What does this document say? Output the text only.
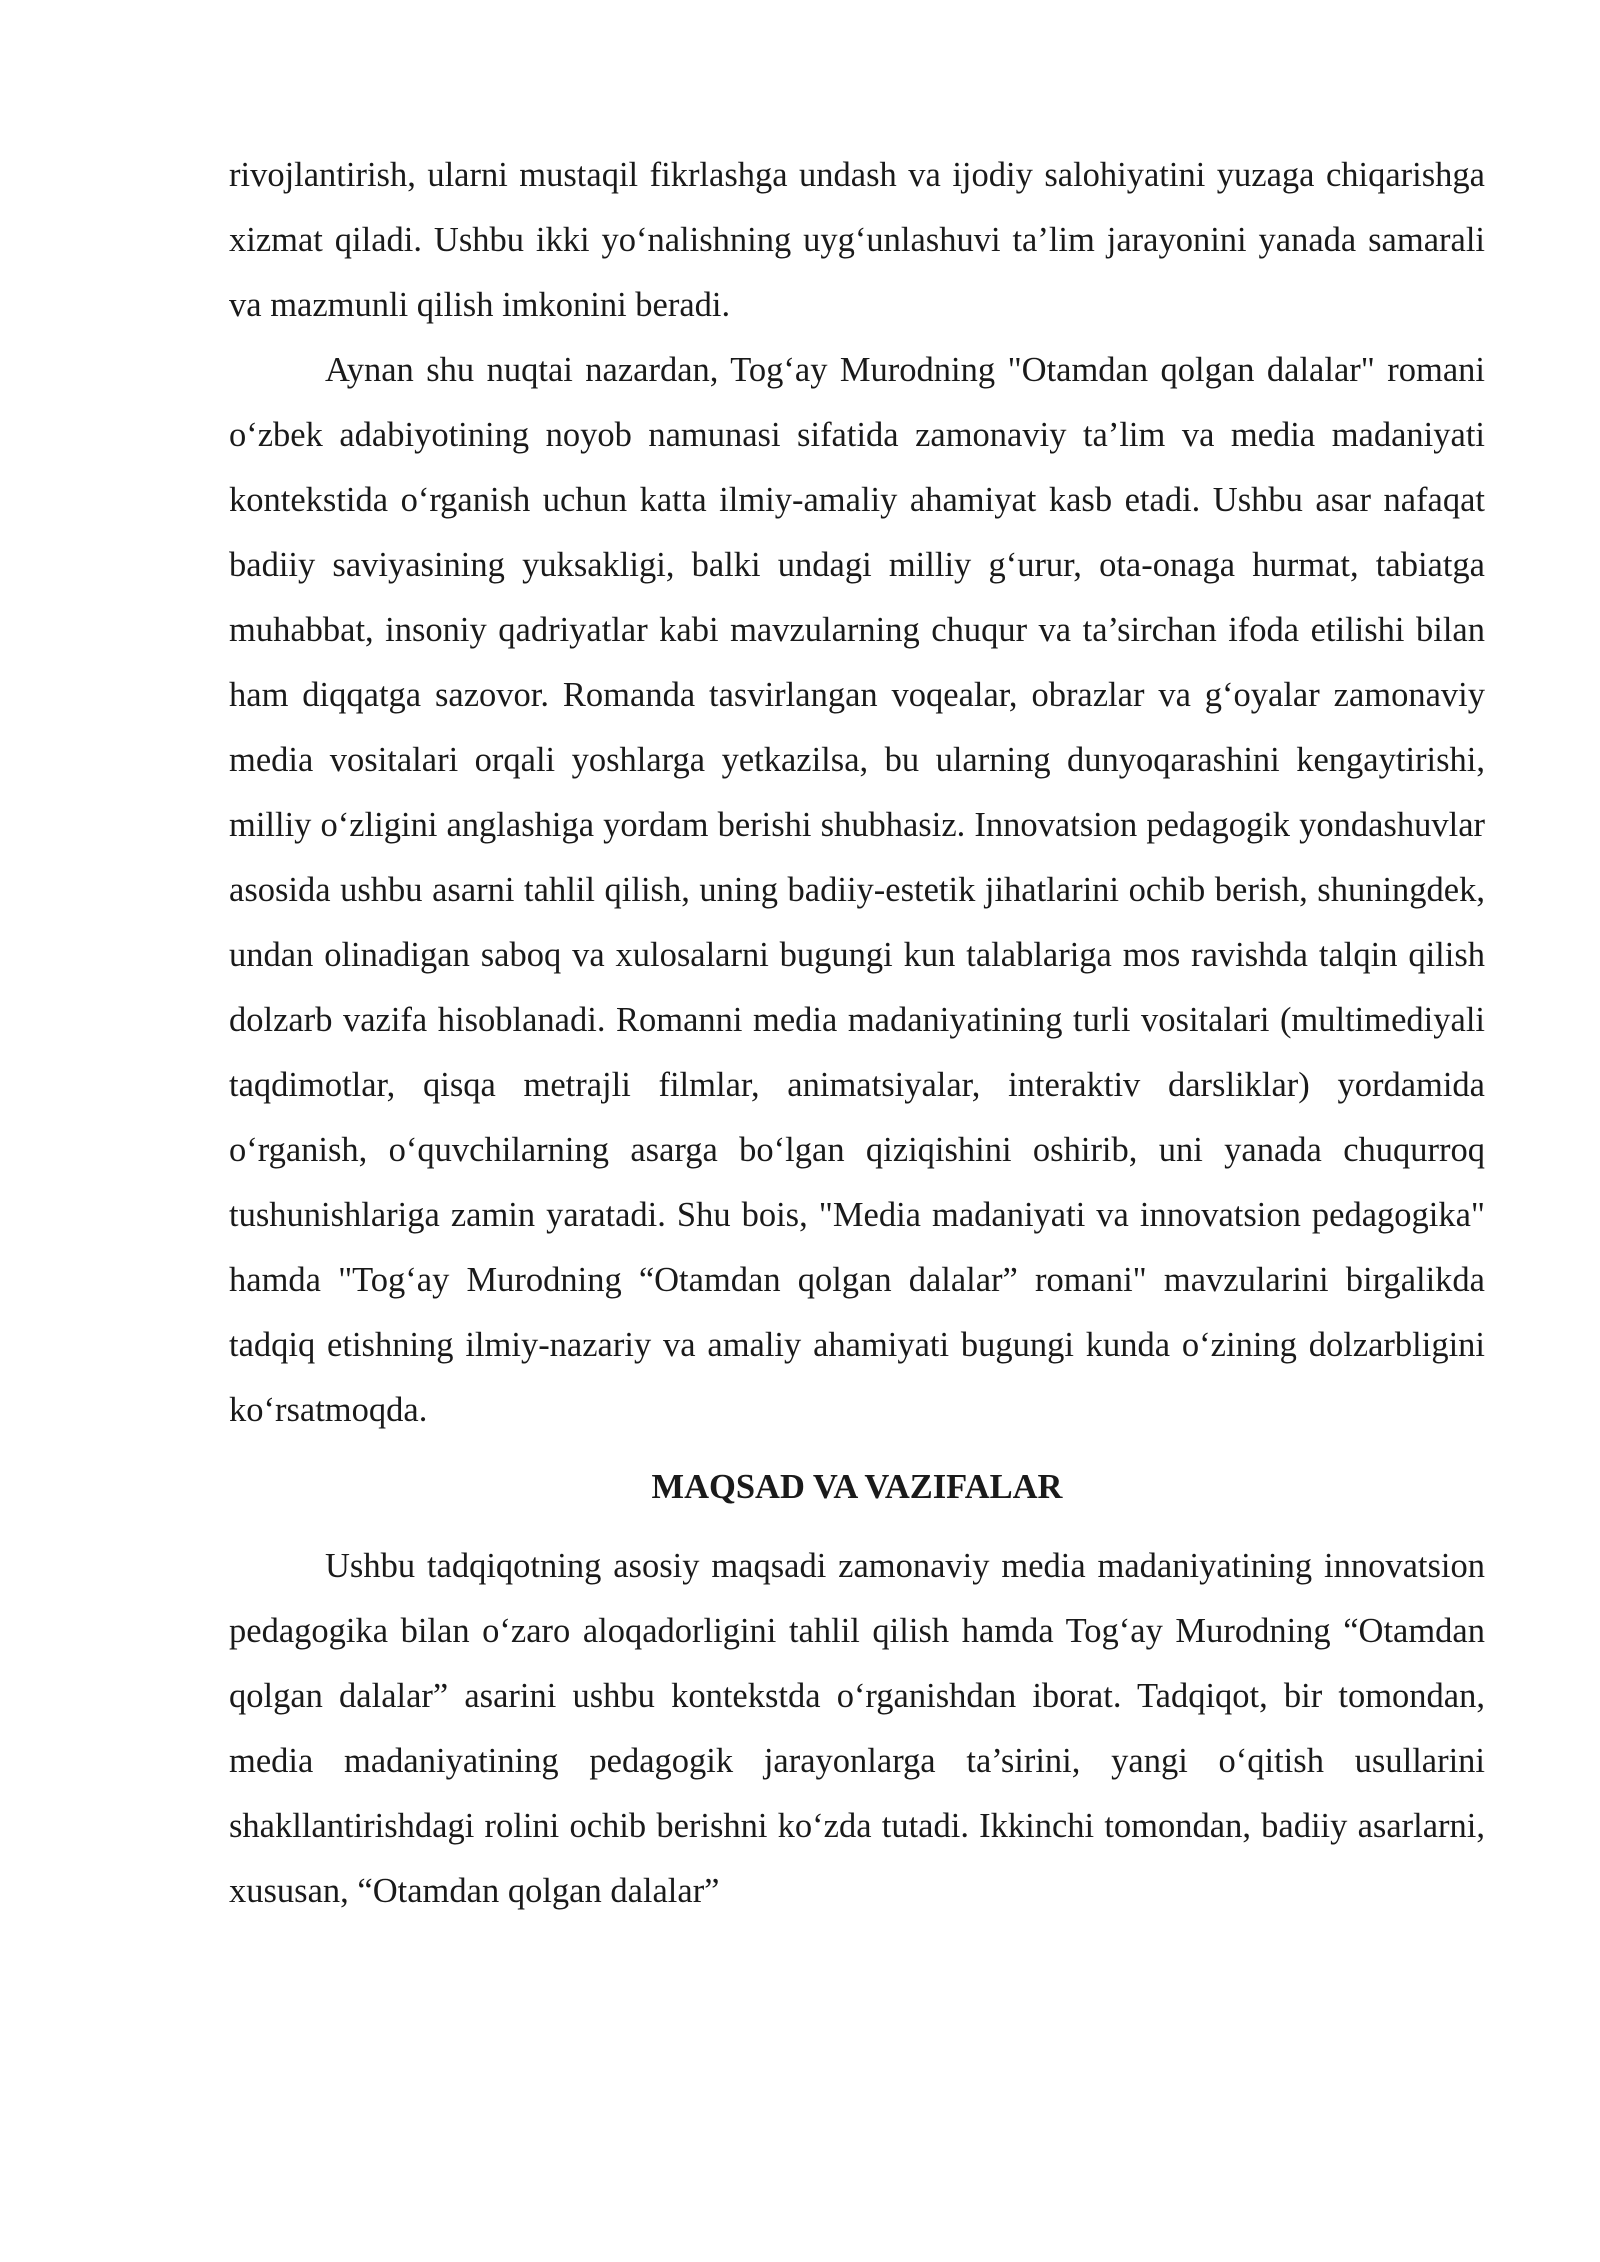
rivojlantirish, ularni mustaqil fikrlashga undash va ijodiy salohiyatini yuzaga chiqarishga xizmat qiladi. Ushbu ikki yo‘nalishning uyg‘unlashuvi ta’lim jarayonini yanada samarali va mazmunli qilish imkonini beradi.

Aynan shu nuqtai nazardan, Tog‘ay Murodning "Otamdan qolgan dalalar" romani o‘zbek adabiyotining noyob namunasi sifatida zamonaviy ta’lim va media madaniyati kontekstida o‘rganish uchun katta ilmiy-amaliy ahamiyat kasb etadi. Ushbu asar nafaqat badiiy saviyasining yuksakligi, balki undagi milliy g‘urur, ota-onaga hurmat, tabiatga muhabbat, insoniy qadriyatlar kabi mavzularning chuqur va ta’sirchan ifoda etilishi bilan ham diqqatga sazovor. Romanda tasvirlangan voqealar, obrazlar va g‘oyalar zamonaviy media vositalari orqali yoshlarga yetkazilsa, bu ularning dunyoqarashini kengaytirishi, milliy o‘zligini anglashiga yordam berishi shubhasiz. Innovatsion pedagogik yondashuvlar asosida ushbu asarni tahlil qilish, uning badiiy-estetik jihatlarini ochib berish, shuningdek, undan olinadigan saboq va xulosalarni bugungi kun talablariga mos ravishda talqin qilish dolzarb vazifa hisoblanadi. Romanni media madaniyatining turli vositalari (multimediyali taqdimotlar, qisqa metrajli filmlar, animatsiyalar, interaktiv darsliklar) yordamida o‘rganish, o‘quvchilarning asarga bo‘lgan qiziqishini oshirib, uni yanada chuqurroq tushunishlariga zamin yaratadi. Shu bois, "Media madaniyati va innovatsion pedagogika" hamda "Tog‘ay Murodning “Otamdan qolgan dalalar” romani" mavzularini birgalikda tadqiq etishning ilmiy-nazariy va amaliy ahamiyati bugungi kunda o‘zining dolzarbligini ko‘rsatmoqda.

MAQSAD VA VAZIFALAR

Ushbu tadqiqotning asosiy maqsadi zamonaviy media madaniyatining innovatsion pedagogika bilan o‘zaro aloqadorligini tahlil qilish hamda Tog‘ay Murodning “Otamdan qolgan dalalar” asarini ushbu kontekstda o‘rganishdan iborat. Tadqiqot, bir tomondan, media madaniyatining pedagogik jarayonlarga ta’sirini, yangi o‘qitish usullarini shakllantirishdagi rolini ochib berishni ko‘zda tutadi. Ikkinchi tomondan, badiiy asarlarni, xususan, “Otamdan qolgan dalalar”
